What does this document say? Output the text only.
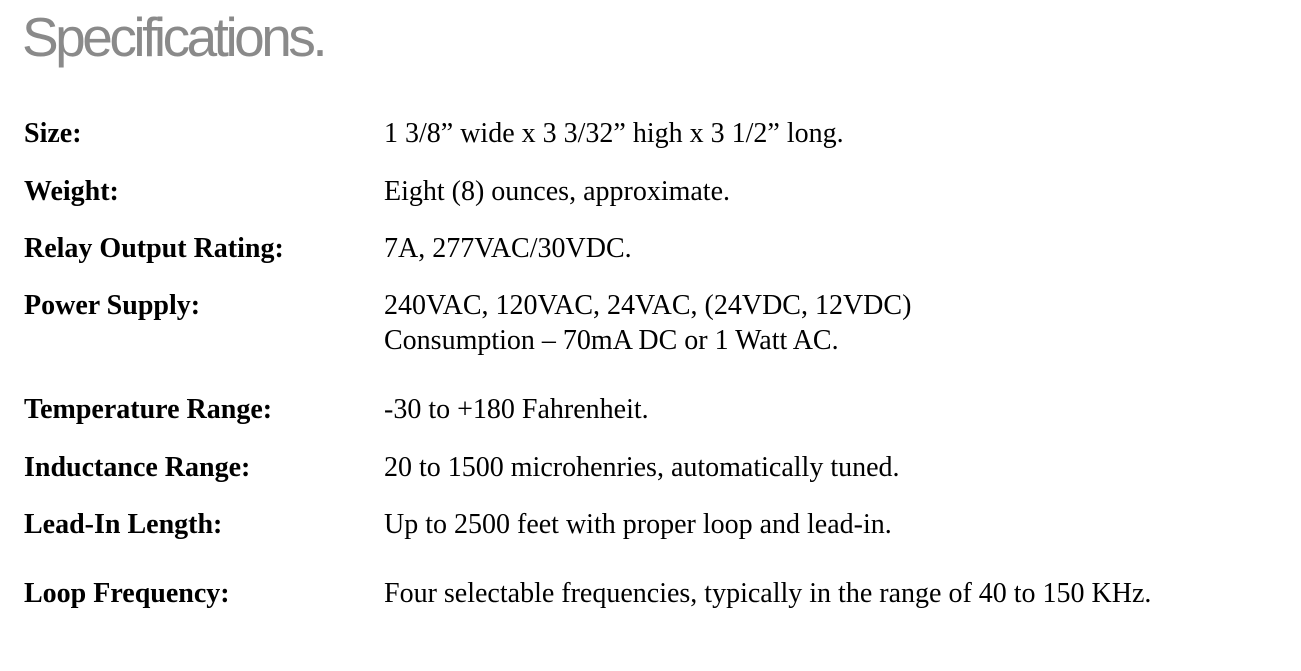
Specifications.
Size:	1 3/8” wide x 3 3/32” high x 3 1/2” long.
Weight:	Eight (8) ounces, approximate.
Relay Output Rating:	7A, 277VAC/30VDC.
Power Supply:	240VAC, 120VAC, 24VAC, (24VDC, 12VDC)
Consumption – 70mA DC or 1 Watt AC.
Temperature Range:	-30 to +180 Fahrenheit.
Inductance Range:	20 to 1500 microhenries, automatically tuned.
Lead-In Length:	Up to 2500 feet with proper loop and lead-in.
Loop Frequency:	Four selectable frequencies, typically in the range of 40 to 150 KHz.
